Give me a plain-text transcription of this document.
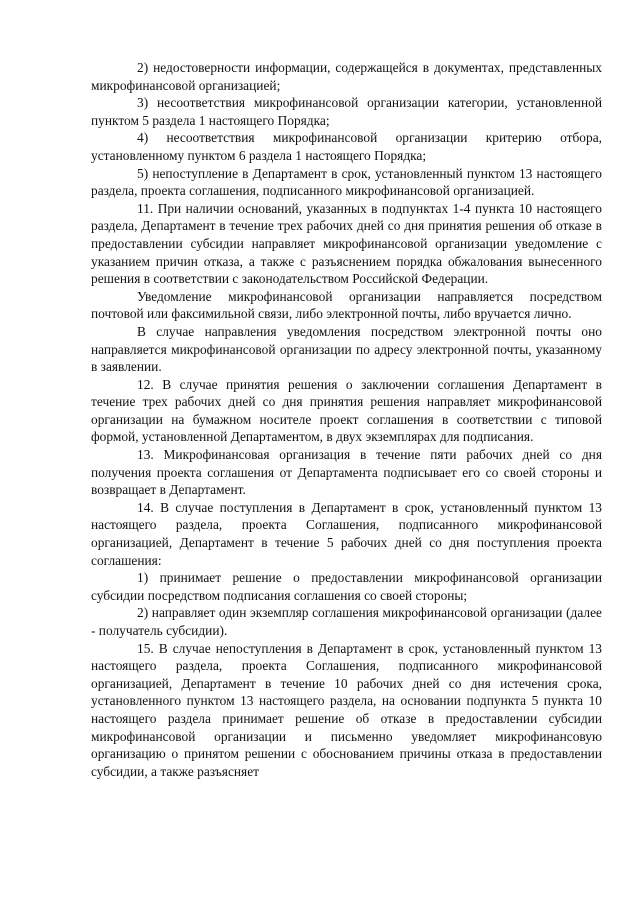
2) недостоверности информации, содержащейся в документах, представленных микрофинансовой организацией;

3) несоответствия микрофинансовой организации категории, установленной пунктом 5 раздела 1 настоящего Порядка;

4) несоответствия микрофинансовой организации критерию отбора, установленному пунктом 6 раздела 1 настоящего Порядка;

5) непоступление в Департамент в срок, установленный пунктом 13 настоящего раздела, проекта соглашения, подписанного микрофинансовой организацией.

11. При наличии оснований, указанных в подпунктах 1-4 пункта 10 настоящего раздела, Департамент в течение трех рабочих дней со дня принятия решения об отказе в предоставлении субсидии направляет микрофинансовой организации уведомление с указанием причин отказа, а также с разъяснением порядка обжалования вынесенного решения в соответствии с законодательством Российской Федерации.

Уведомление микрофинансовой организации направляется посредством почтовой или факсимильной связи, либо электронной почты, либо вручается лично.

В случае направления уведомления посредством электронной почты оно направляется микрофинансовой организации по адресу электронной почты, указанному в заявлении.

12. В случае принятия решения о заключении соглашения Департамент в течение трех рабочих дней со дня принятия решения направляет микрофинансовой организации на бумажном носителе проект соглашения в соответствии с типовой формой, установленной Департаментом, в двух экземплярах для подписания.

13. Микрофинансовая организация в течение пяти рабочих дней со дня получения проекта соглашения от Департамента подписывает его со своей стороны и возвращает в Департамент.

14. В случае поступления в Департамент в срок, установленный пунктом 13 настоящего раздела, проекта Соглашения, подписанного микрофинансовой организацией, Департамент в течение 5 рабочих дней со дня поступления проекта соглашения:

1) принимает решение о предоставлении микрофинансовой организации субсидии посредством подписания соглашения со своей стороны;

2) направляет один экземпляр соглашения микрофинансовой организации (далее - получатель субсидии).

15. В случае непоступления в Департамент в срок, установленный пунктом 13 настоящего раздела, проекта Соглашения, подписанного микрофинансовой организацией, Департамент в течение 10 рабочих дней со дня истечения срока, установленного пунктом 13 настоящего раздела, на основании подпункта 5 пункта 10 настоящего раздела принимает решение об отказе в предоставлении субсидии микрофинансовой организации и письменно уведомляет микрофинансовую организацию о принятом решении с обоснованием причины отказа в предоставлении субсидии, а также разъясняет
